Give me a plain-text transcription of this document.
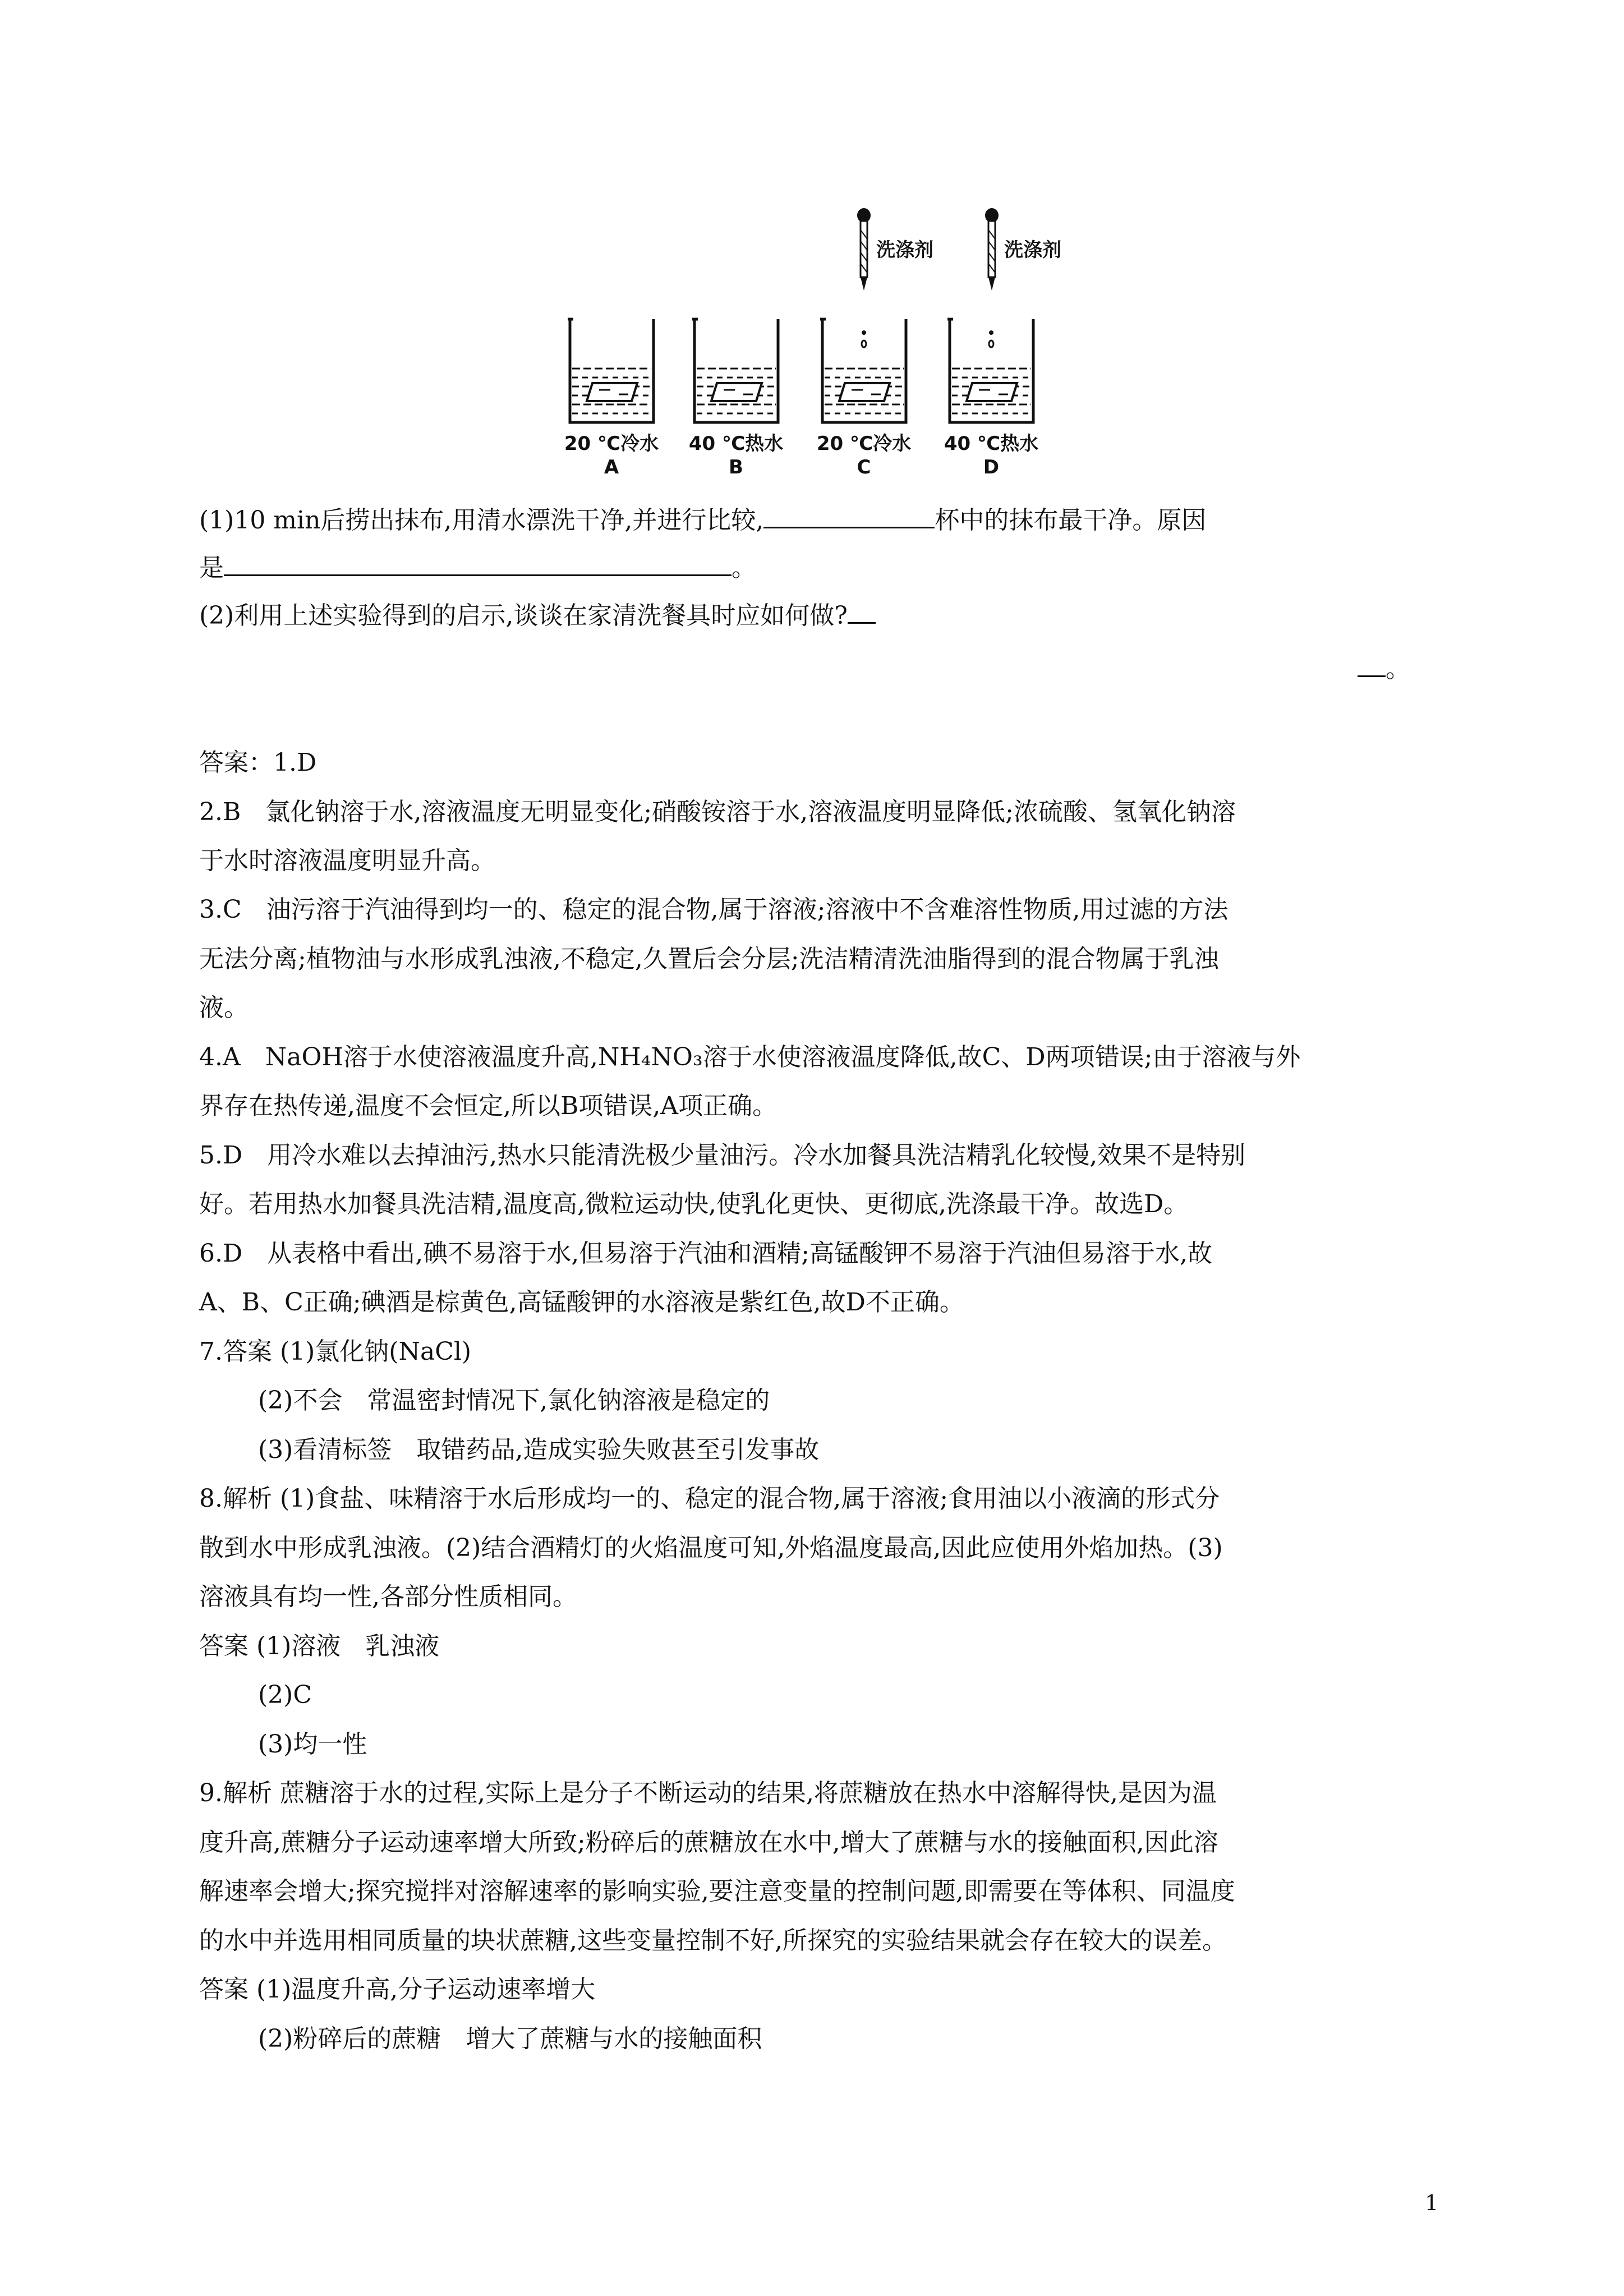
洗涤剂	洗涤剂
20 ℃冷水
A
40 ℃热水
B
20 ℃冷水
C
40 ℃热水
D
(1)10 min后捞出抹布,用清水漂洗干净,并进行比较,	杯中的抹布最干净。原因
是	。
(2)利用上述实验得到的启示,谈谈在家清洗餐具时应如何做?
。
答案：1.D
2.B　氯化钠溶于水,溶液温度无明显变化;硝酸铵溶于水,溶液温度明显降低;浓硫酸、氢氧化钠溶
于水时溶液温度明显升高。
3.C　油污溶于汽油得到均一的、稳定的混合物,属于溶液;溶液中不含难溶性物质,用过滤的方法
无法分离;植物油与水形成乳浊液,不稳定,久置后会分层;洗洁精清洗油脂得到的混合物属于乳浊
液。
4.A　NaOH溶于水使溶液温度升高,NH₄NO₃溶于水使溶液温度降低,故C、D两项错误;由于溶液与外
界存在热传递,温度不会恒定,所以B项错误,A项正确。
5.D　用冷水难以去掉油污,热水只能清洗极少量油污。冷水加餐具洗洁精乳化较慢,效果不是特别
好。若用热水加餐具洗洁精,温度高,微粒运动快,使乳化更快、更彻底,洗涤最干净。故选D。
6.D　从表格中看出,碘不易溶于水,但易溶于汽油和酒精;高锰酸钾不易溶于汽油但易溶于水,故
A、B、C正确;碘酒是棕黄色,高锰酸钾的水溶液是紫红色,故D不正确。
7.答案 (1)氯化钠(NaCl)
(2)不会　常温密封情况下,氯化钠溶液是稳定的
(3)看清标签　取错药品,造成实验失败甚至引发事故
8.解析 (1)食盐、味精溶于水后形成均一的、稳定的混合物,属于溶液;食用油以小液滴的形式分
散到水中形成乳浊液。(2)结合酒精灯的火焰温度可知,外焰温度最高,因此应使用外焰加热。(3)
溶液具有均一性,各部分性质相同。
答案 (1)溶液　乳浊液
(2)C
(3)均一性
9.解析 蔗糖溶于水的过程,实际上是分子不断运动的结果,将蔗糖放在热水中溶解得快,是因为温
度升高,蔗糖分子运动速率增大所致;粉碎后的蔗糖放在水中,增大了蔗糖与水的接触面积,因此溶
解速率会增大;探究搅拌对溶解速率的影响实验,要注意变量的控制问题,即需要在等体积、同温度
的水中并选用相同质量的块状蔗糖,这些变量控制不好,所探究的实验结果就会存在较大的误差。
答案 (1)温度升高,分子运动速率增大
(2)粉碎后的蔗糖　增大了蔗糖与水的接触面积
1
